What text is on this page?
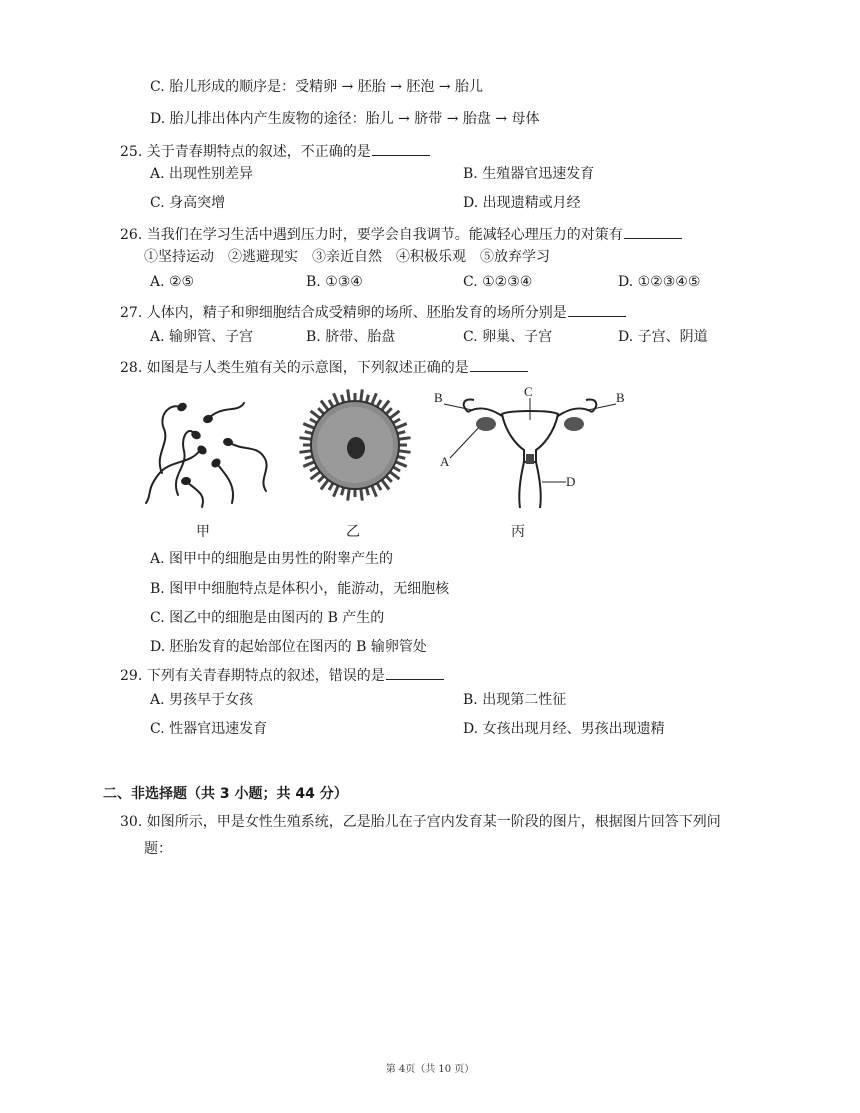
C. 胎儿形成的顺序是：受精卵 → 胚胎 → 胚泡 → 胎儿
D. 胎儿排出体内产生废物的途径：胎儿 → 脐带 → 胎盘 → 母体
25. 关于青春期特点的叙述，不正确的是
A. 出现性别差异	B. 生殖器官迅速发育
C. 身高突增	D. 出现遗精或月经
26. 当我们在学习生活中遇到压力时，要学会自我调节。能减轻心理压力的对策有
①坚持运动　②逃避现实　③亲近自然　④积极乐观　⑤放弃学习
A. ②⑤	B. ①③④	C. ①②③④	D. ①②③④⑤
27. 人体内，精子和卵细胞结合成受精卵的场所、胚胎发育的场所分别是
A. 输卵管、子宫	B. 脐带、胎盘	C. 卵巢、子宫	D. 子宫、阴道
28. 如图是与人类生殖有关的示意图，下列叙述正确的是
甲	乙
B	B
C
A
D
丙
A. 图甲中的细胞是由男性的附睾产生的
B. 图甲中细胞特点是体积小，能游动，无细胞核
C. 图乙中的细胞是由图丙的 B 产生的
D. 胚胎发育的起始部位在图丙的 B 输卵管处
29. 下列有关青春期特点的叙述，错误的是
A. 男孩早于女孩	B. 出现第二性征
C. 性器官迅速发育	D. 女孩出现月经、男孩出现遗精
二、非选择题（共 3 小题；共 44 分）
30. 如图所示，甲是女性生殖系统，乙是胎儿在子宫内发育某一阶段的图片，根据图片回答下列问
题：
第 4页（共 10 页）
